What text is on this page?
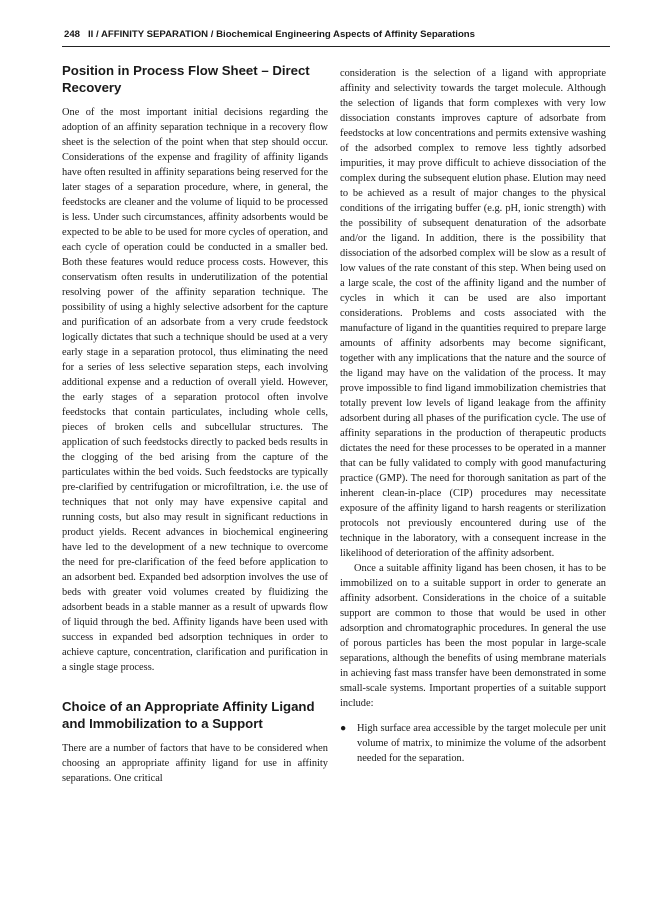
248 II / AFFINITY SEPARATION / Biochemical Engineering Aspects of Affinity Separations
Position in Process Flow Sheet – Direct Recovery

One of the most important initial decisions regarding the adoption of an affinity separation technique in a recovery flow sheet is the selection of the point when that step should occur. Considerations of the expense and fragility of affinity ligands have often resulted in affinity separations being reserved for the later stages of a separation procedure, where, in general, the feedstocks are cleaner and the volume of liquid to be processed is less. Under such circumstances, affinity adsorbents would be expected to be able to be used for more cycles of operation, and each cycle of operation could be conducted in a smaller bed. Both these features would reduce process costs. However, this conservatism often results in underutilization of the potential resolving power of the affinity separation technique. The possibility of using a highly selective adsorbent for the capture and purification of an adsorbate from a very crude feedstock logically dictates that such a technique should be used at a very early stage in a separation protocol, thus eliminating the need for a series of less selective separation steps, each involving additional expense and a reduction of overall yield. However, the early stages of a separation protocol often involve feedstocks that contain particulates, including whole cells, pieces of broken cells and subcellular structures. The application of such feedstocks directly to packed beds results in the clogging of the bed arising from the capture of the particulates within the bed voids. Such feedstocks are typically pre-clarified by centrifugation or microfiltration, i.e. the use of techniques that not only may have expensive capital and running costs, but also may result in significant reductions in product yields. Recent advances in biochemical engineering have led to the development of a new technique to overcome the need for pre-clarification of the feed before application to an adsorbent bed. Expanded bed adsorption involves the use of beds with greater void volumes created by fluidizing the adsorbent beads in a stable manner as a result of upwards flow of liquid through the bed. Affinity ligands have been used with success in expanded bed adsorption techniques in order to achieve capture, concentration, clarification and purification in a single stage process.

Choice of an Appropriate Affinity Ligand and Immobilization to a Support

There are a number of factors that have to be considered when choosing an appropriate affinity ligand for use in affinity separations. One critical

consideration is the selection of a ligand with appropriate affinity and selectivity towards the target molecule. Although the selection of ligands that form complexes with very low dissociation constants improves capture of adsorbate from feedstocks at low concentrations and permits extensive washing of the adsorbed complex to remove less tightly adsorbed impurities, it may prove difficult to achieve dissociation of the complex during the subsequent elution phase. Elution may need to be achieved as a result of major changes to the physical conditions of the irrigating buffer (e.g. pH, ionic strength) with the possibility of subsequent denaturation of the adsorbate and/or the ligand. In addition, there is the possibility that dissociation of the adsorbed complex will be slow as a result of low values of the rate constant of this step. When being used on a large scale, the cost of the affinity ligand and the number of cycles in which it can be used are also important considerations. Problems and costs associated with the manufacture of ligand in the quantities required to prepare large amounts of affinity adsorbents may become significant, together with any implications that the nature and the source of the ligand may have on the validation of the process. It may prove impossible to find ligand immobilization chemistries that totally prevent low levels of ligand leakage from the affinity adsorbent during all phases of the purification cycle. The use of affinity separations in the production of therapeutic products dictates the need for these processes to be operated in a manner that can be fully validated to comply with good manufacturing practice (GMP). The need for thorough sanitation as part of the inherent clean-in-place (CIP) procedures may necessitate exposure of the affinity ligand to harsh reagents or sterilization protocols not previously encountered during use of the technique in the laboratory, with a consequent increase in the likelihood of deterioration of the affinity adsorbent.

Once a suitable affinity ligand has been chosen, it has to be immobilized on to a suitable support in order to generate an affinity adsorbent. Considerations in the choice of a suitable support are common to those that would be used in other adsorption and chromatographic procedures. In general the use of porous particles has been the most popular in large-scale separations, although the benefits of using membrane materials in achieving fast mass transfer have been demonstrated in some small-scale systems. Important properties of a suitable support include:

●	High surface area accessible by the target molecule per unit volume of matrix, to minimize the volume of the adsorbent needed for the separation.
